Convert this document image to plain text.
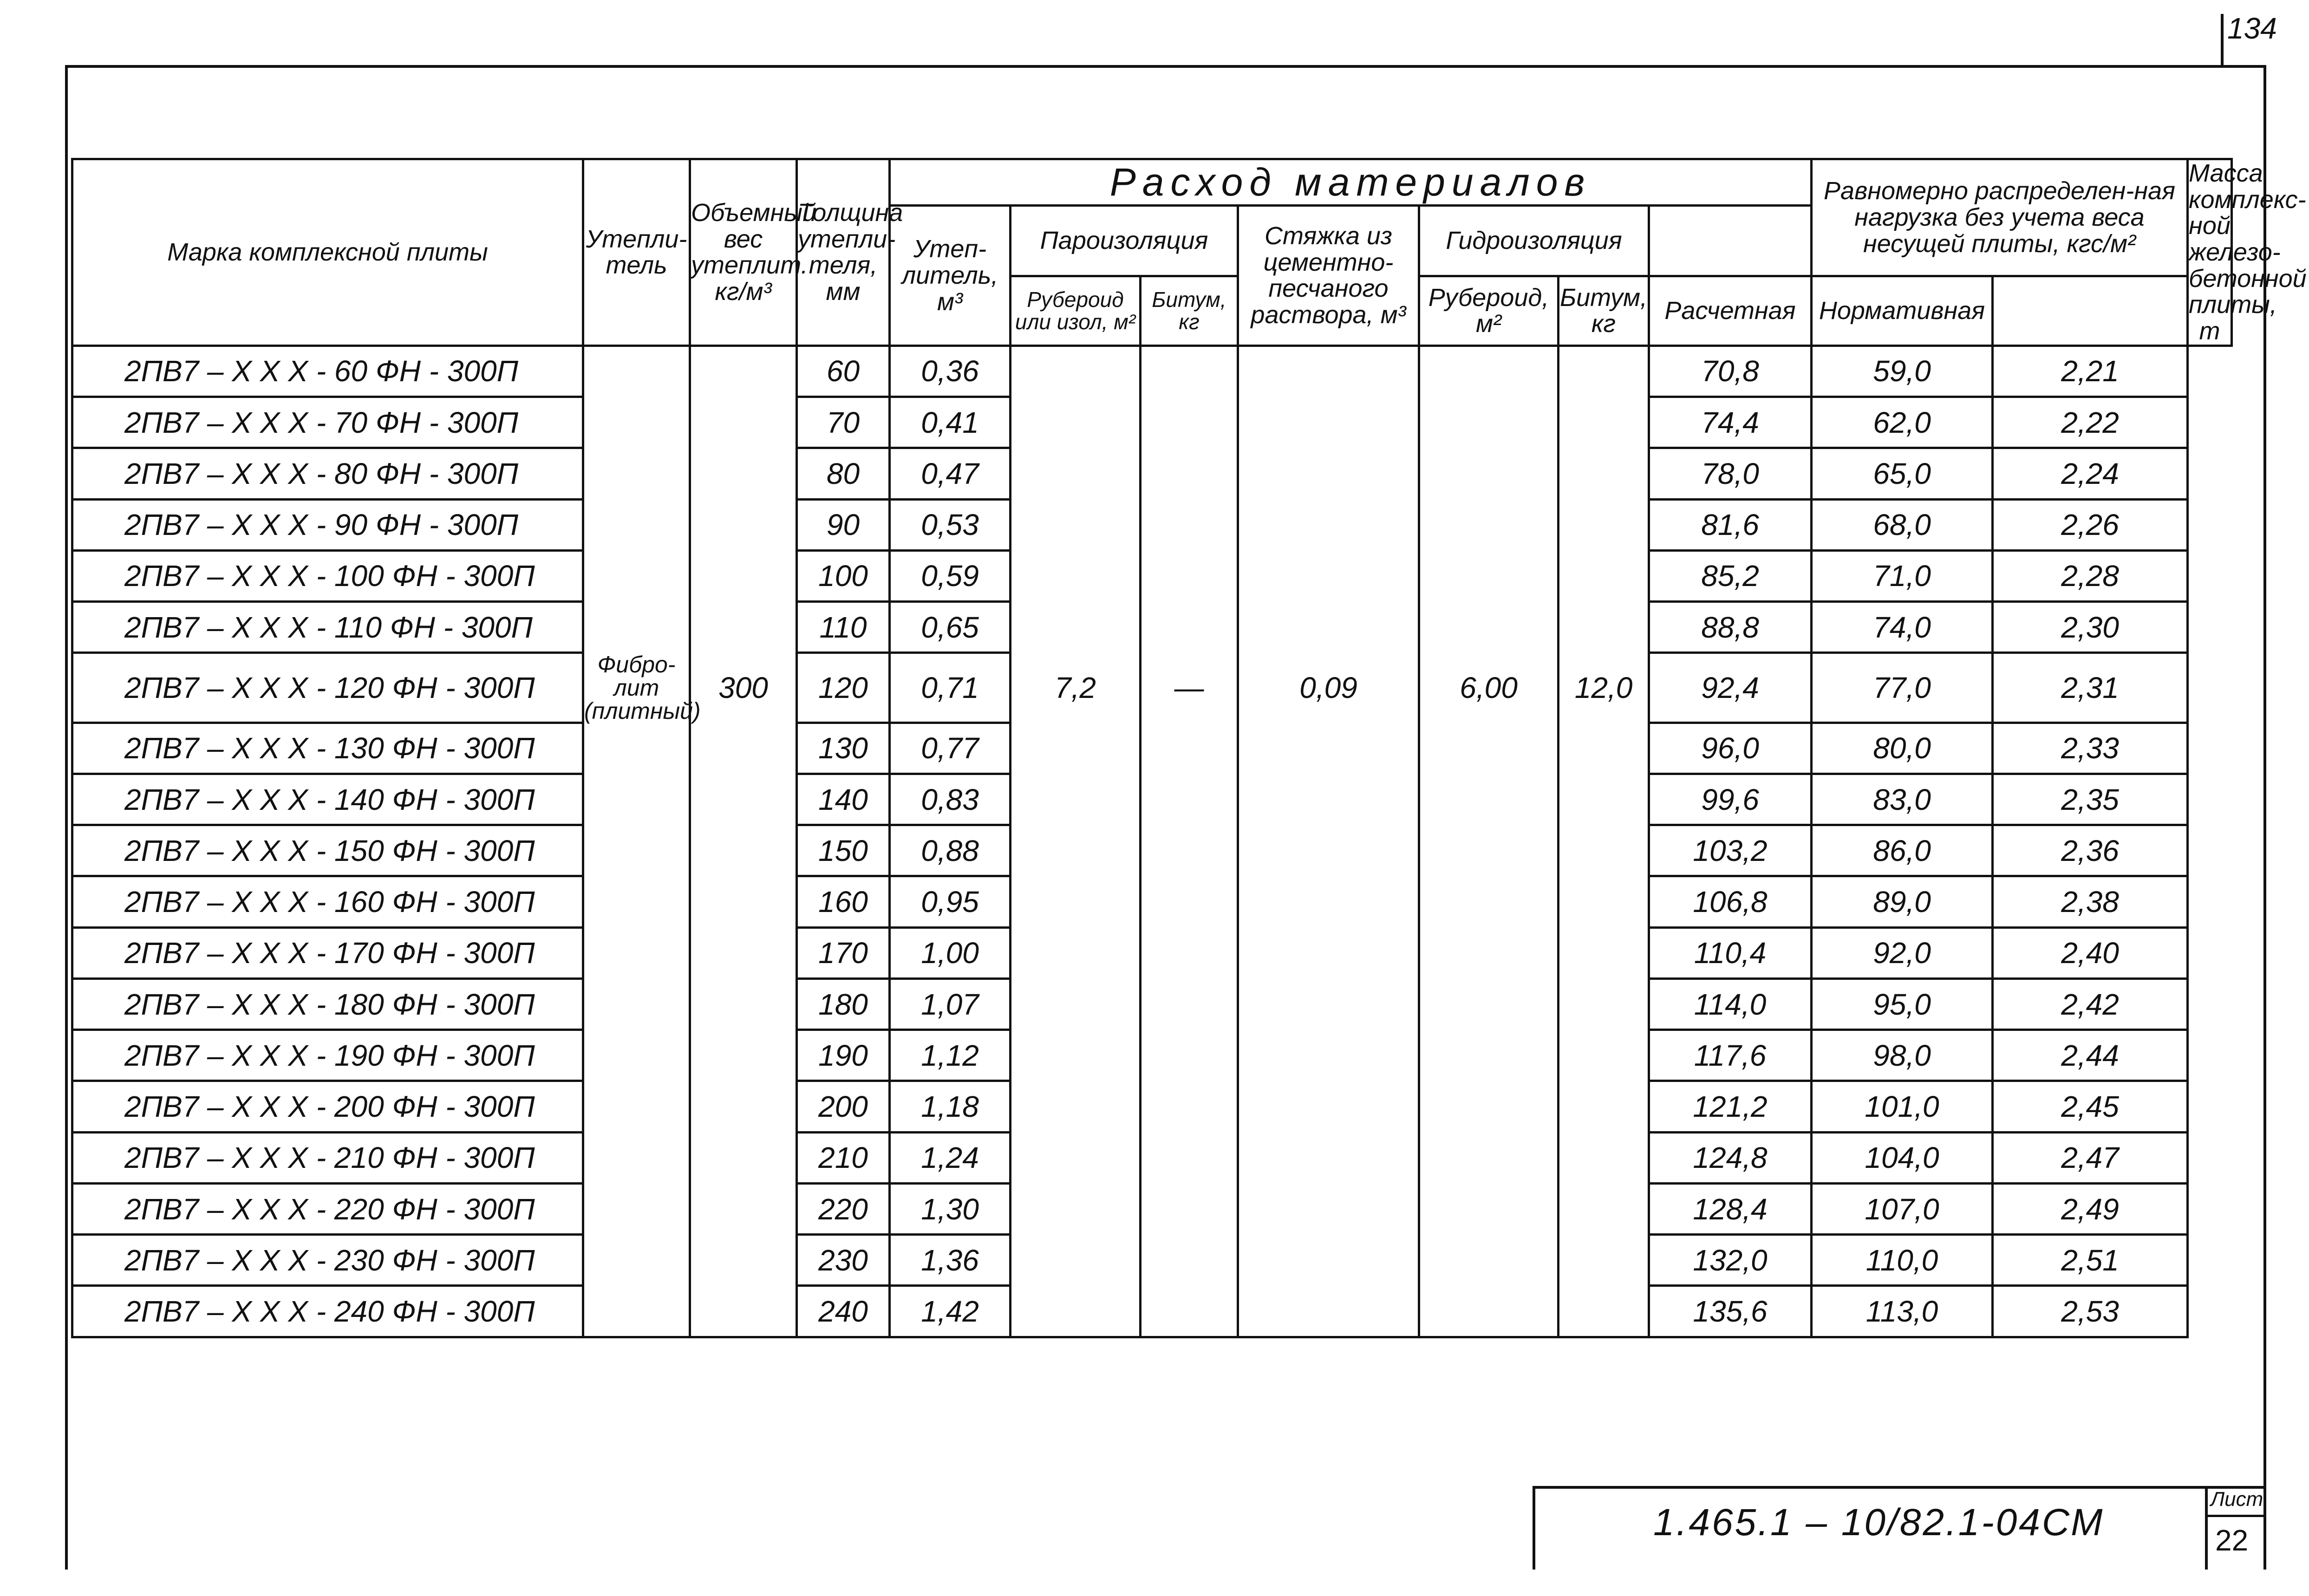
134
Марка комплексной плиты	Утепли-тель	Объемный вес утеплит. кг/м³	Толщина утепли-теля, мм	Расход материалов							Равномерно распределен-ная нагрузка без учета веса несущей плиты, кгс/м²		Масса комплекс-ной железо-бетонной плиты, т
				Утеп-литель, м³	Пароизоляция		Стяжка из цементно-песчаного раствора, м³	Гидроизоляция					
					Рубероид или изол, м²	Битум, кг		Рубероид, м²	Битум, кг	Расчетная	Нормативная		
2ПВ7 – Х Х Х - 60 ФН - 300П			60	0,36						70,8	59,0	2,21	
2ПВ7 – Х Х Х - 70 ФН - 300П			70	0,41						74,4	62,0	2,22	
2ПВ7 – Х Х Х - 80 ФН - 300П			80	0,47						78,0	65,0	2,24	
2ПВ7 – Х Х Х - 90 ФН - 300П			90	0,53						81,6	68,0	2,26	
2ПВ7 – Х Х Х - 100 ФН - 300П			100	0,59						85,2	71,0	2,28	
2ПВ7 – Х Х Х - 110 ФН - 300П			110	0,65						88,8	74,0	2,30	
2ПВ7 – Х Х Х - 120 ФН - 300П	Фибро-лит (плитный)	300	120	0,71	7,2	—	0,09	6,00	12,0	92,4	77,0	2,31	
2ПВ7 – Х Х Х - 130 ФН - 300П			130	0,77						96,0	80,0	2,33	
2ПВ7 – Х Х Х - 140 ФН - 300П			140	0,83						99,6	83,0	2,35	
2ПВ7 – Х Х Х - 150 ФН - 300П			150	0,88						103,2	86,0	2,36	
2ПВ7 – Х Х Х - 160 ФН - 300П			160	0,95						106,8	89,0	2,38	
2ПВ7 – Х Х Х - 170 ФН - 300П			170	1,00						110,4	92,0	2,40	
2ПВ7 – Х Х Х - 180 ФН - 300П			180	1,07						114,0	95,0	2,42	
2ПВ7 – Х Х Х - 190 ФН - 300П			190	1,12						117,6	98,0	2,44	
2ПВ7 – Х Х Х - 200 ФН - 300П			200	1,18						121,2	101,0	2,45	
2ПВ7 – Х Х Х - 210 ФН - 300П			210	1,24						124,8	104,0	2,47	
2ПВ7 – Х Х Х - 220 ФН - 300П			220	1,30						128,4	107,0	2,49	
2ПВ7 – Х Х Х - 230 ФН - 300П			230	1,36						132,0	110,0	2,51	
2ПВ7 – Х Х Х - 240 ФН - 300П			240	1,42						135,6	113,0	2,53	
1.465.1 – 10/82.1-04СМ
Лист
22
